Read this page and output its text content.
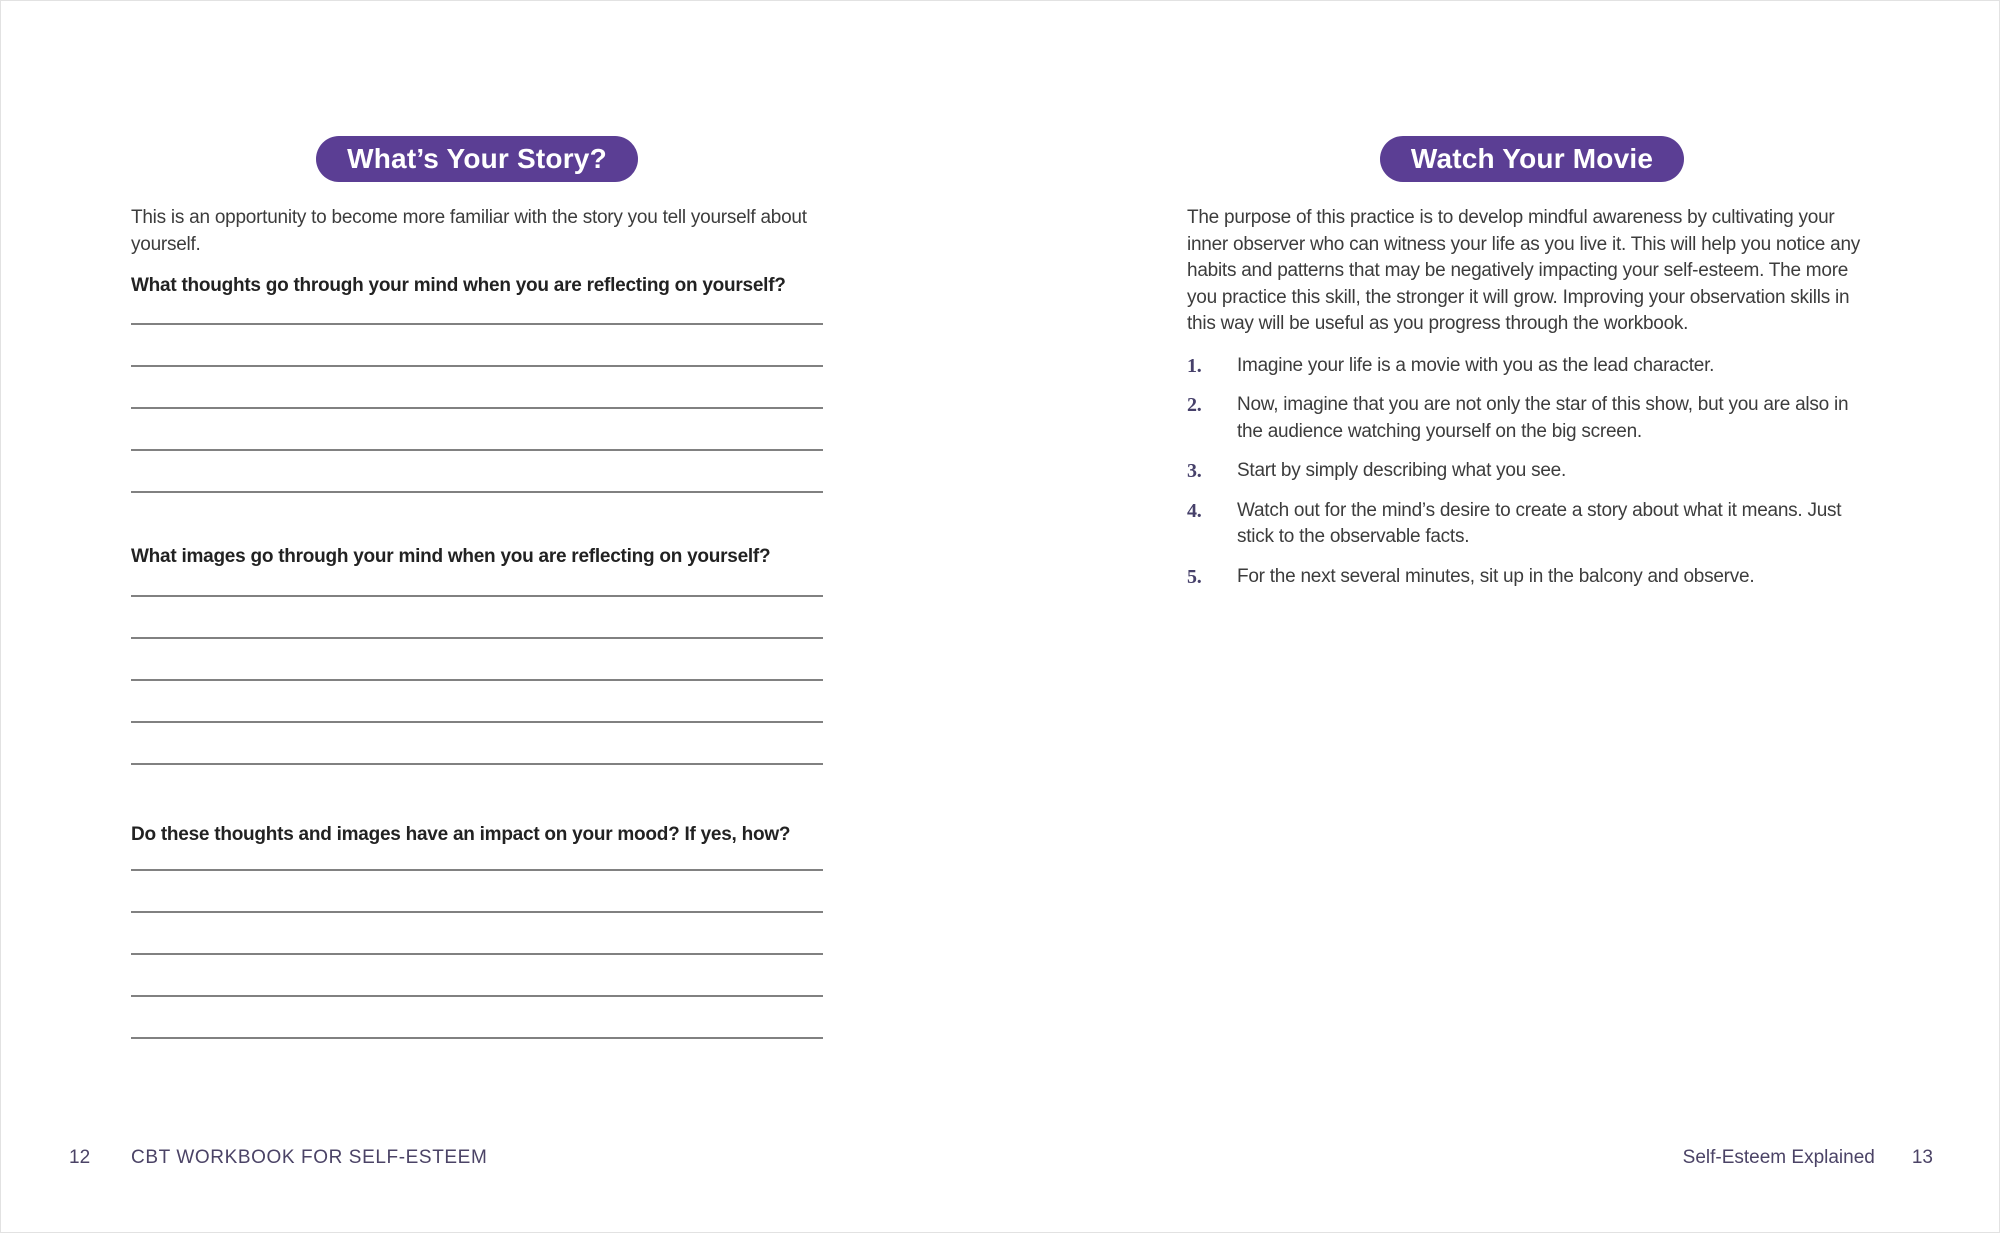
What’s Your Story?

This is an opportunity to become more familiar with the story you tell yourself about yourself.

What thoughts go through your mind when you are reflecting on yourself?

What images go through your mind when you are reflecting on yourself?

Do these thoughts and images have an impact on your mood? If yes, how?

Watch Your Movie

The purpose of this practice is to develop mindful awareness by cultivating your inner observer who can witness your life as you live it. This will help you notice any habits and patterns that may be negatively impacting your self-esteem. The more you practice this skill, the stronger it will grow. Improving your observation skills in this way will be useful as you progress through the workbook.

1.	Imagine your life is a movie with you as the lead character.
2.	Now, imagine that you are not only the star of this show, but you are also in the audience watching yourself on the big screen.
3.	Start by simply describing what you see.
4.	Watch out for the mind’s desire to create a story about what it means. Just stick to the observable facts.
5.	For the next several minutes, sit up in the balcony and observe.
12 CBT WORKBOOK FOR SELF-ESTEEM	Self-Esteem Explained 13
